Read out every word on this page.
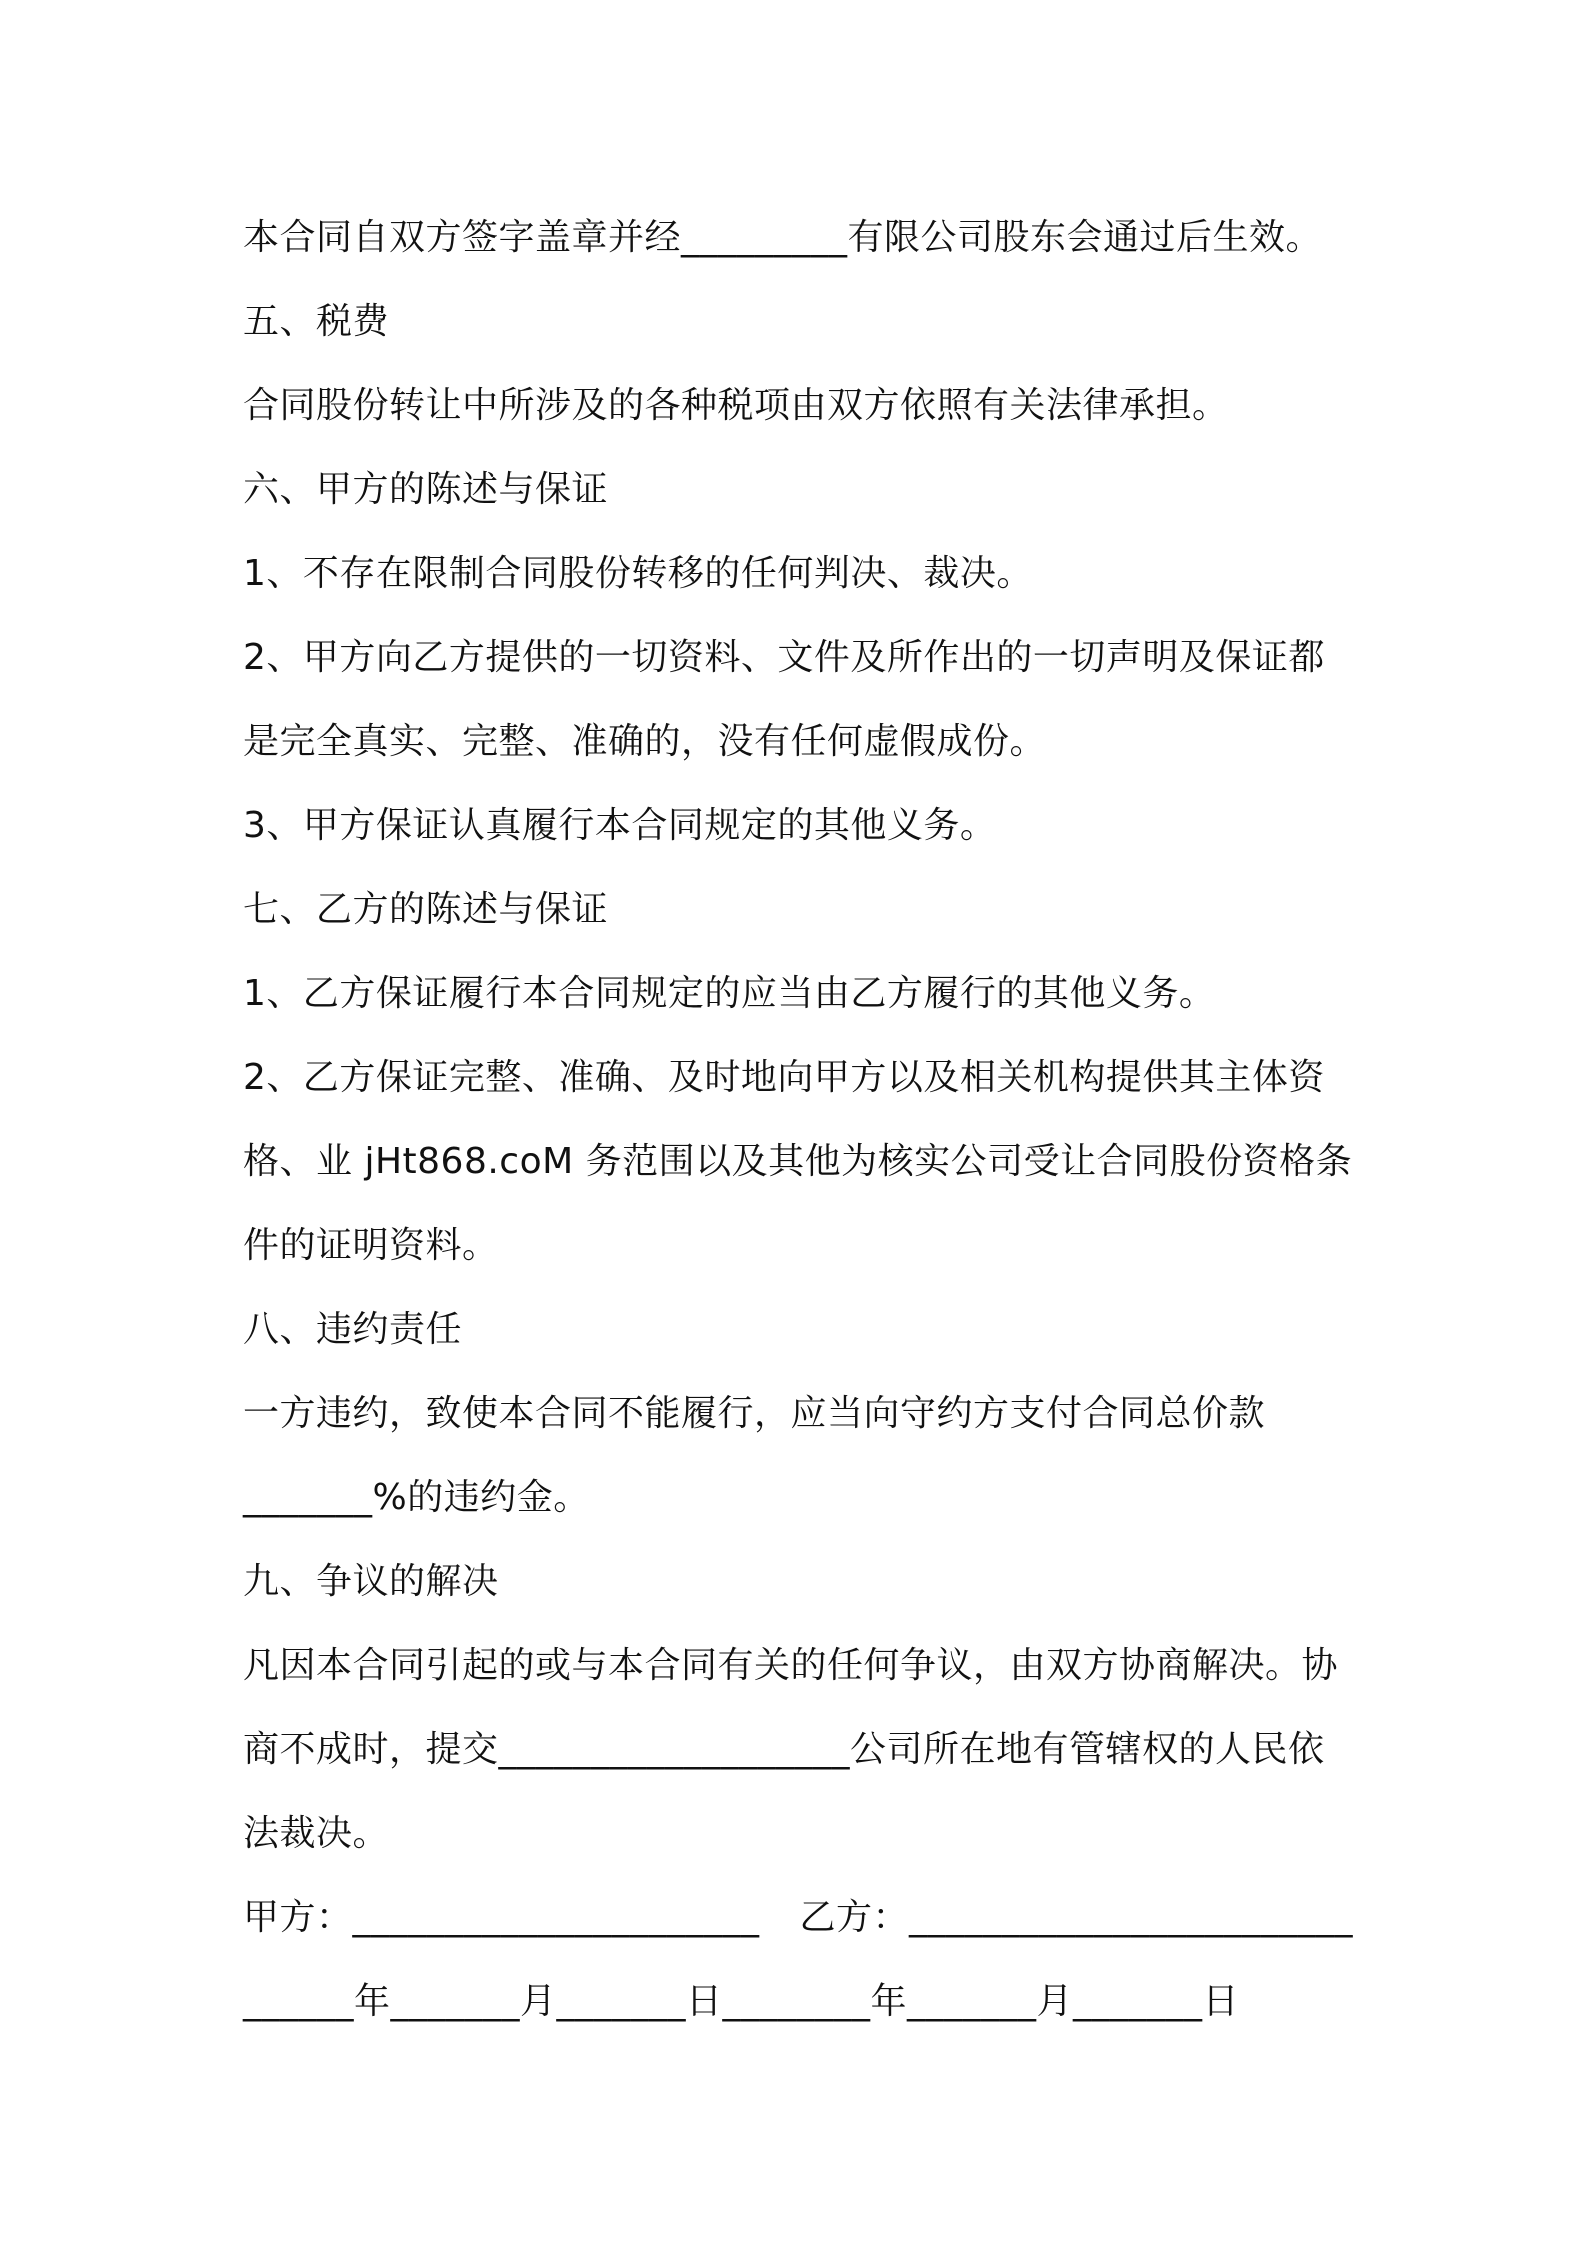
本合同自双方签字盖章并经_________有限公司股东会通过后生效。
五、税费
合同股份转让中所涉及的各种税项由双方依照有关法律承担。
六、甲方的陈述与保证
1、不存在限制合同股份转移的任何判决、裁决。
2、甲方向乙方提供的一切资料、文件及所作出的一切声明及保证都
是完全真实、完整、准确的，没有任何虚假成份。
3、甲方保证认真履行本合同规定的其他义务。
七、乙方的陈述与保证
1、乙方保证履行本合同规定的应当由乙方履行的其他义务。
2、乙方保证完整、准确、及时地向甲方以及相关机构提供其主体资
格、业 jHt868.coM 务范围以及其他为核实公司受让合同股份资格条
件的证明资料。
八、违约责任
一方违约，致使本合同不能履行，应当向守约方支付合同总价款
_______%的违约金。
九、争议的解决
凡因本合同引起的或与本合同有关的任何争议，由双方协商解决。协
商不成时，提交___________________公司所在地有管辖权的人民依
法裁决。
甲方：______________________ 乙方：________________________
______年_______月_______日________年_______月_______日
